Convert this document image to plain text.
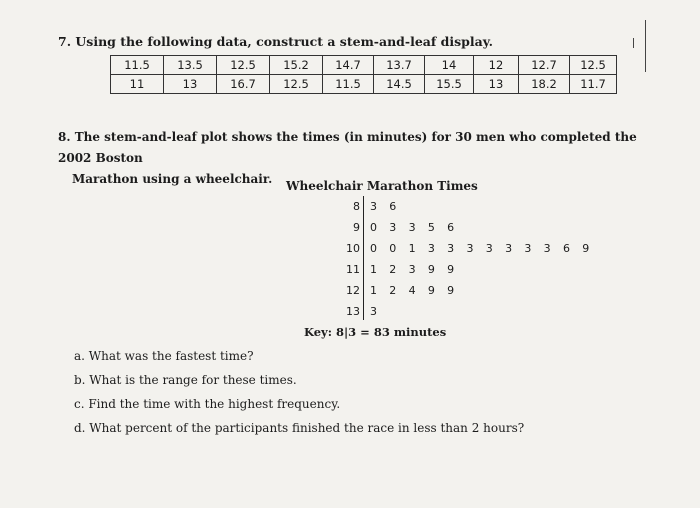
7. Using the following data, construct a stem-and-leaf display.
11.5	13.5	12.5	15.2	14.7	13.7	14	12	12.7	12.5
11	13	16.7	12.5	11.5	14.5	15.5	13	18.2	11.7
8. The stem-and-leaf plot shows the times (in minutes) for 30 men who completed the 2002 Boston
Marathon using a wheelchair.	Wheelchair Marathon Times
8 3 6
9 0 3 3 5 6
10 0 0 1 3 3 3 3 3 3 3 6 9
11 1 2 3 9 9
12 1 2 4 9 9
13 3
Key: 8|3 = 83 minutes
a. What was the fastest time?
b. What is the range for these times.
c. Find the time with the highest frequency.
d. What percent of the participants finished the race in less than 2 hours?
